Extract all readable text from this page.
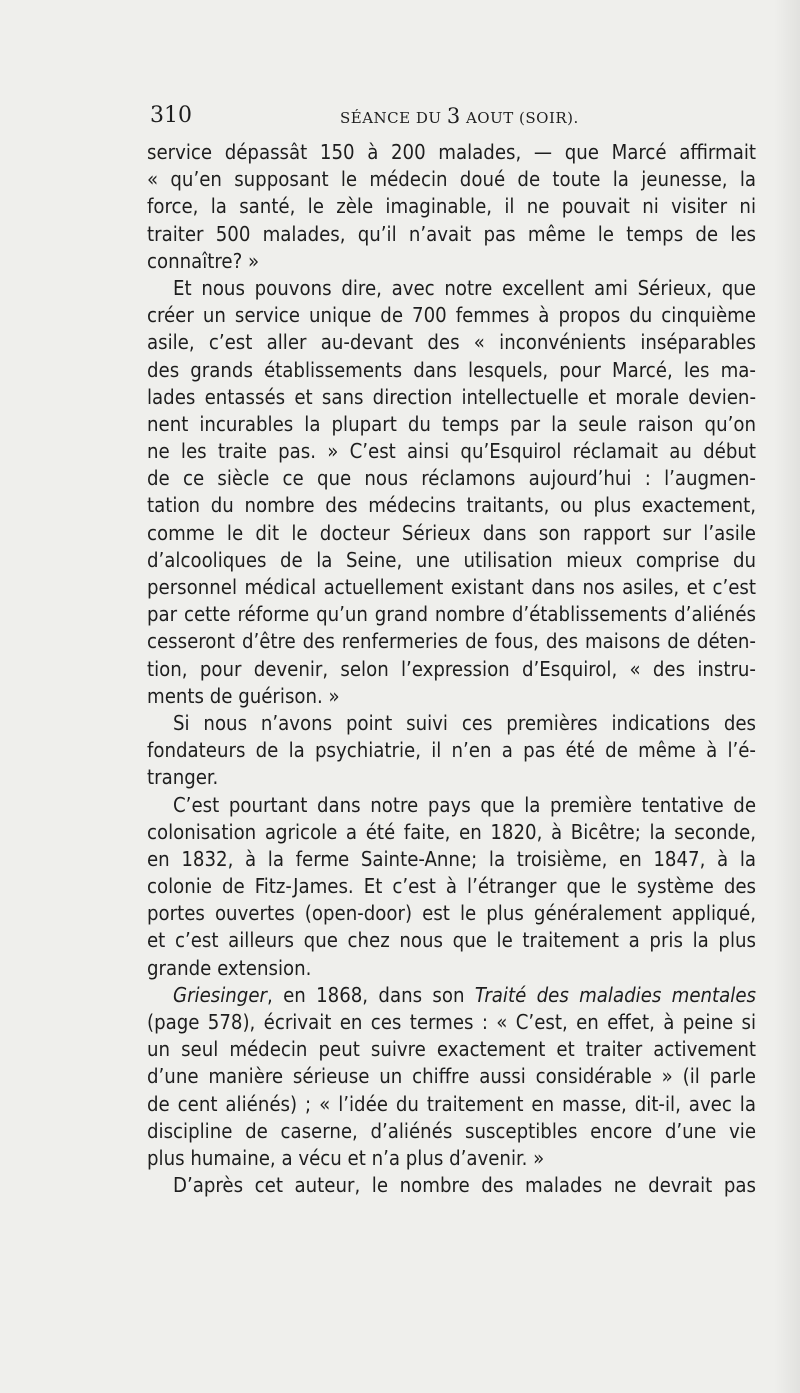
310	SÉANCE DU 3 AOUT (SOIR).
service dépassât 150 à 200 malades, — que Marcé affirmait
« qu’en supposant le médecin doué de toute la jeunesse, la
force, la santé, le zèle imaginable, il ne pouvait ni visiter ni
traiter 500 malades, qu’il n’avait pas même le temps de les
connaître? »
Et nous pouvons dire, avec notre excellent ami Sérieux, que
créer un service unique de 700 femmes à propos du cinquième
asile, c’est aller au-devant des « inconvénients inséparables
des grands établissements dans lesquels, pour Marcé, les ma-
lades entassés et sans direction intellectuelle et morale devien-
nent incurables la plupart du temps par la seule raison qu’on
ne les traite pas. » C’est ainsi qu’Esquirol réclamait au début
de ce siècle ce que nous réclamons aujourd’hui : l’augmen-
tation du nombre des médecins traitants, ou plus exactement,
comme le dit le docteur Sérieux dans son rapport sur l’asile
d’alcooliques de la Seine, une utilisation mieux comprise du
personnel médical actuellement existant dans nos asiles, et c’est
par cette réforme qu’un grand nombre d’établissements d’aliénés
cesseront d’être des renfermeries de fous, des maisons de déten-
tion, pour devenir, selon l’expression d’Esquirol, « des instru-
ments de guérison. »
Si nous n’avons point suivi ces premières indications des
fondateurs de la psychiatrie, il n’en a pas été de même à l’é-
tranger.
C’est pourtant dans notre pays que la première tentative de
colonisation agricole a été faite, en 1820, à Bicêtre; la seconde,
en 1832, à la ferme Sainte-Anne; la troisième, en 1847, à la
colonie de Fitz-James. Et c’est à l’étranger que le système des
portes ouvertes (open-door) est le plus généralement appliqué,
et c’est ailleurs que chez nous que le traitement a pris la plus
grande extension.
Griesinger, en 1868, dans son Traité des maladies mentales
(page 578), écrivait en ces termes : « C’est, en effet, à peine si
un seul médecin peut suivre exactement et traiter activement
d’une manière sérieuse un chiffre aussi considérable » (il parle
de cent aliénés) ; « l’idée du traitement en masse, dit-il, avec la
discipline de caserne, d’aliénés susceptibles encore d’une vie
plus humaine, a vécu et n’a plus d’avenir. »
D’après cet auteur, le nombre des malades ne devrait pas
